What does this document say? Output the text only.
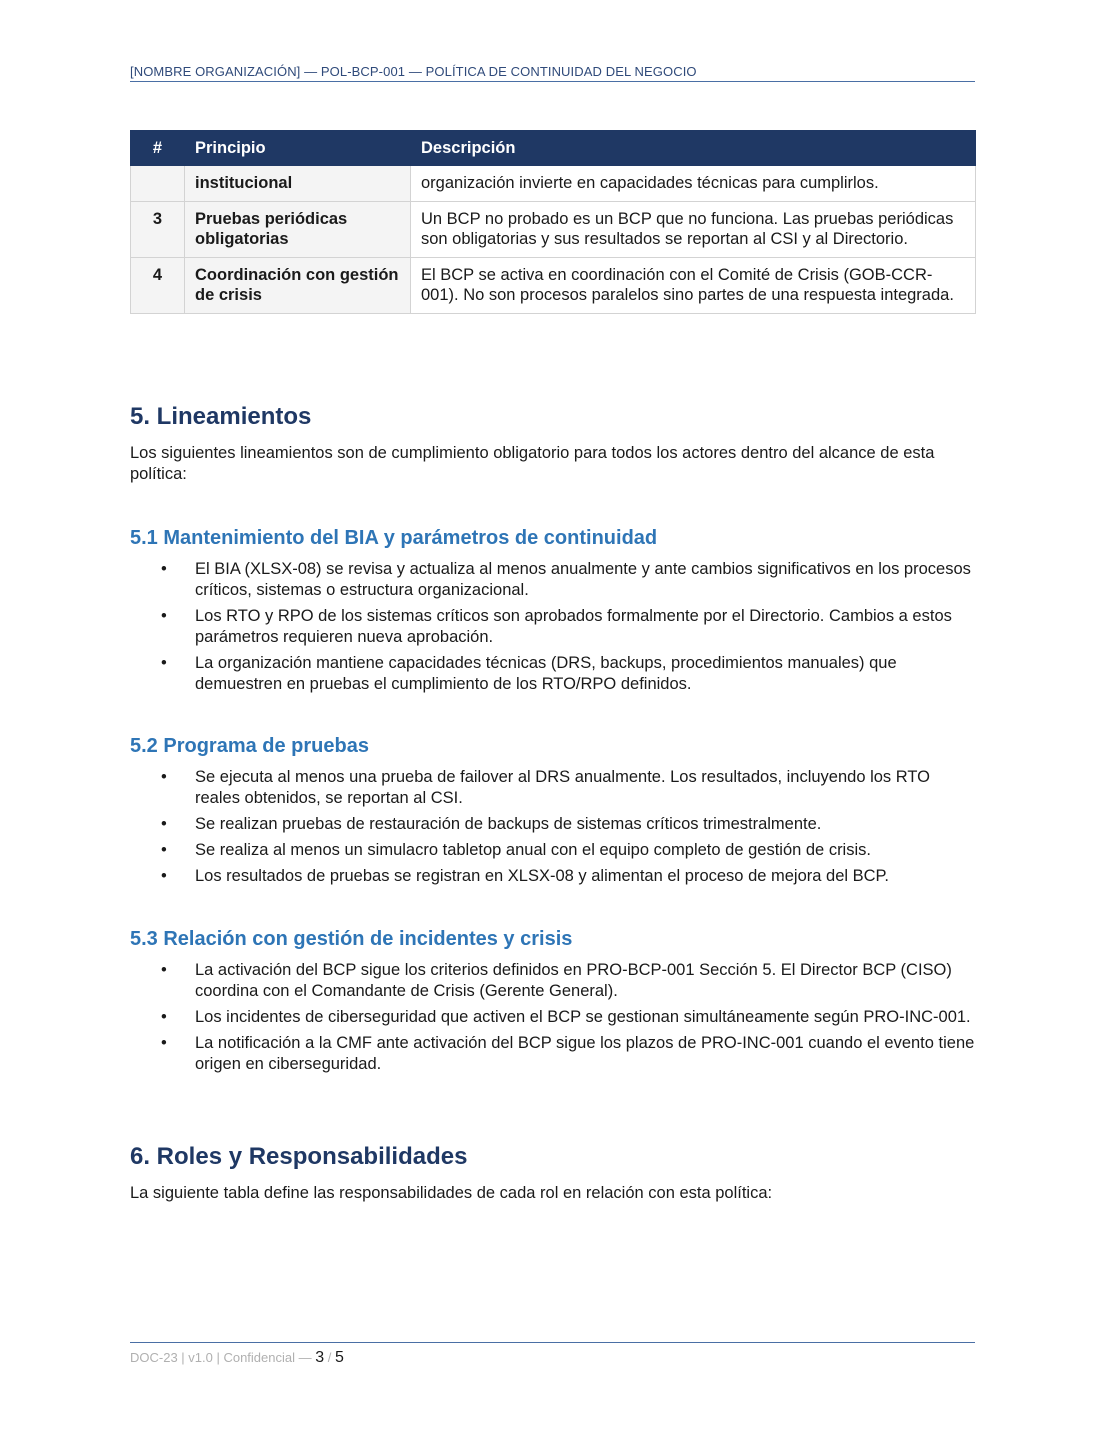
[NOMBRE ORGANIZACIÓN] — POL-BCP-001 — POLÍTICA DE CONTINUIDAD DEL NEGOCIO
#	Principio	Descripción
	institucional	organización invierte en capacidades técnicas para cumplirlos.
3	Pruebas periódicas obligatorias	Un BCP no probado es un BCP que no funciona. Las pruebas periódicas son obligatorias y sus resultados se reportan al CSI y al Directorio.
4	Coordinación con gestión de crisis	El BCP se activa en coordinación con el Comité de Crisis (GOB-CCR-001). No son procesos paralelos sino partes de una respuesta integrada.
5. Lineamientos

Los siguientes lineamientos son de cumplimiento obligatorio para todos los actores dentro del alcance de esta política:

5.1 Mantenimiento del BIA y parámetros de continuidad
• El BIA (XLSX-08) se revisa y actualiza al menos anualmente y ante cambios significativos en los procesos críticos, sistemas o estructura organizacional.
• Los RTO y RPO de los sistemas críticos son aprobados formalmente por el Directorio. Cambios a estos parámetros requieren nueva aprobación.
• La organización mantiene capacidades técnicas (DRS, backups, procedimientos manuales) que demuestren en pruebas el cumplimiento de los RTO/RPO definidos.
5.2 Programa de pruebas
• Se ejecuta al menos una prueba de failover al DRS anualmente. Los resultados, incluyendo los RTO reales obtenidos, se reportan al CSI.
• Se realizan pruebas de restauración de backups de sistemas críticos trimestralmente.
• Se realiza al menos un simulacro tabletop anual con el equipo completo de gestión de crisis.
• Los resultados de pruebas se registran en XLSX-08 y alimentan el proceso de mejora del BCP.
5.3 Relación con gestión de incidentes y crisis
• La activación del BCP sigue los criterios definidos en PRO-BCP-001 Sección 5. El Director BCP (CISO) coordina con el Comandante de Crisis (Gerente General).
• Los incidentes de ciberseguridad que activen el BCP se gestionan simultáneamente según PRO-INC-001.
• La notificación a la CMF ante activación del BCP sigue los plazos de PRO-INC-001 cuando el evento tiene origen en ciberseguridad.
6. Roles y Responsabilidades

La siguiente tabla define las responsabilidades de cada rol en relación con esta política:

DOC-23 | v1.0 | Confidencial — 3 / 5
